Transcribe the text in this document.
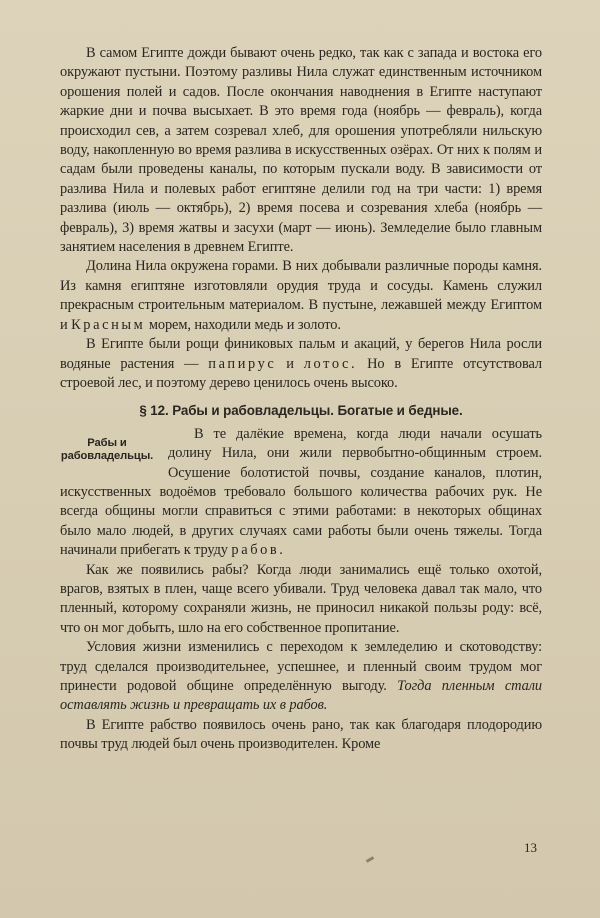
В самом Египте дожди бывают очень редко, так как с запада и востока его окружают пустыни. Поэтому разливы Нила служат единственным источником орошения полей и садов. После окончания наводнения в Египте наступают жаркие дни и почва высыхает. В это время года (ноябрь — февраль), когда происходил сев, а затем созревал хлеб, для орошения употребляли нильскую воду, накопленную во время разлива в искусственных озёрах. От них к полям и садам были проведены каналы, по которым пускали воду. В зависимости от разлива Нила и полевых работ египтяне делили год на три части: 1) время разлива (июль — октябрь), 2) время посева и созревания хлеба (ноябрь — февраль), 3) время жатвы и засухи (март — июнь). Земледелие было главным занятием населения в древнем Египте.

Долина Нила окружена горами. В них добывали различные породы камня. Из камня египтяне изготовляли орудия труда и сосуды. Камень служил прекрасным строительным материалом. В пустыне, лежавшей между Египтом и Красным морем, находили медь и золото.

В Египте были рощи финиковых пальм и акаций, у берегов Нила росли водяные растения — папирус и лотос. Но в Египте отсутствовал строевой лес, и поэтому дерево ценилось очень высоко.

§ 12. Рабы и рабовладельцы. Богатые и бедные.
Рабы и рабовладельцы.

В те далёкие времена, когда люди начали осушать долину Нила, они жили первобытно-общинным строем. Осушение болотистой почвы, создание каналов, плотин, искусственных водоёмов требовало большого количества рабочих рук. Не всегда общины могли справиться с этими работами: в некоторых общинах было мало людей, в других случаях сами работы были очень тяжелы. Тогда начинали прибегать к труду рабов.

Как же появились рабы? Когда люди занимались ещё только охотой, врагов, взятых в плен, чаще всего убивали. Труд человека давал так мало, что пленный, которому сохраняли жизнь, не приносил никакой пользы роду: всё, что он мог добыть, шло на его собственное пропитание.

Условия жизни изменились с переходом к земледелию и скотоводству: труд сделался производительнее, успешнее, и пленный своим трудом мог принести родовой общине определённую выгоду. Тогда пленным стали оставлять жизнь и превращать их в рабов.

В Египте рабство появилось очень рано, так как благодаря плодородию почвы труд людей был очень производителен. Кроме

13
